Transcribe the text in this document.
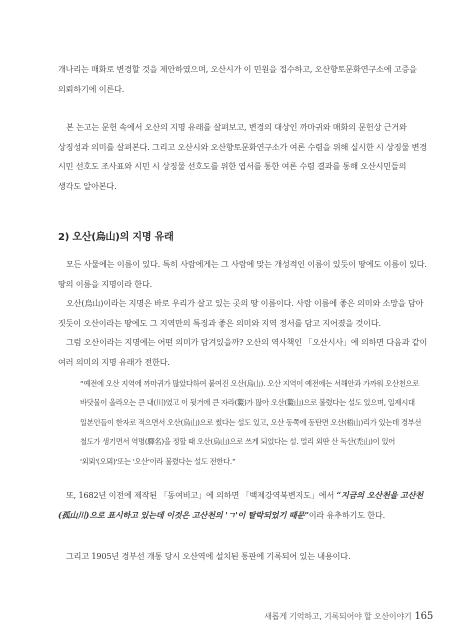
개나리는 매화로 변경할 것을 제안하였으며, 오산시가 이 민원을 접수하고, 오산향토문화연구소에 고증을 의뢰하기에 이른다.
본 논고는 문헌 속에서 오산의 지명 유래를 살펴보고, 변경의 대상인 까마귀와 매화의 문헌상 근거와 상징성과 의미를 살펴본다. 그리고 오산시와 오산향토문화연구소가 여론 수렴을 위해 실시한 시 상징물 변경 시민 선호도 조사표와 시민 시 상징물 선호도를 위한 엽서를 통한 여론 수렴 결과를 통해 오산시민들의 생각도 알아본다.
2) 오산(烏山)의 지명 유래
모든 사물에는 이름이 있다. 특히 사람에게는 그 사람에 맞는 개성적인 이름이 있듯이 땅에도 이름이 있다. 땅의 이름을 지명이라 한다.
오산(烏山)이라는 지명은 바로 우리가 살고 있는 곳의 땅 이름이다. 사람 이름에 좋은 의미와 소망을 담아 짓듯이 오산이라는 땅에도 그 지역만의 특징과 좋은 의미와 지역 정서를 담고 지어졌을 것이다.
그럼 오산이라는 지명에는 어떤 의미가 담겨있을까? 오산의 역사책인 「오산시사」에 의하면 다음과 같이 여러 의미의 지명 유래가 전한다.
“예전에 오산 지역에 까마귀가 많았다하여 붙여진 오산(烏山). 오산 지역이 예전에는 서해안과 가까워 오산천으로 바닷물이 올라오는 큰 내(川)였고 이 뒷거에 큰 자라(鰲)가 많아 오산(鰲山)으로 불렸다는 설도 있으며, 일제시대 일본인들이 한자로 적으면서 오산(烏山)으로 썼다는 설도 있고, 오산 동쪽에 동탄면 오산(梧山)리가 있는데 경부선 철도가 생기면서 역명(驛名)을 정할 때 오산(烏山)으로 쓰게 되었다는 설. 멀리 외딴 산 독산(禿山)이 있어 '외뫼'(오뫼)'또는 '오산'이라 불렸다는 설도 전한다.”
또, 1682년 이전에 제작된 「동여비고」에 의하면 「백제강역북변지도」에서 “지금의 오산천을 고산천(孤山川)으로 표시하고 있는데 이것은 고산천의 'ㄱ'이 탈락되었기 때문”이라 유추하기도 한다.
그리고 1905년 경부선 개통 당시 오산역에 설치된 통판에 기록되어 있는 내용이다.
새롭게 기억하고, 기록되어야 할 오산이야기 165
